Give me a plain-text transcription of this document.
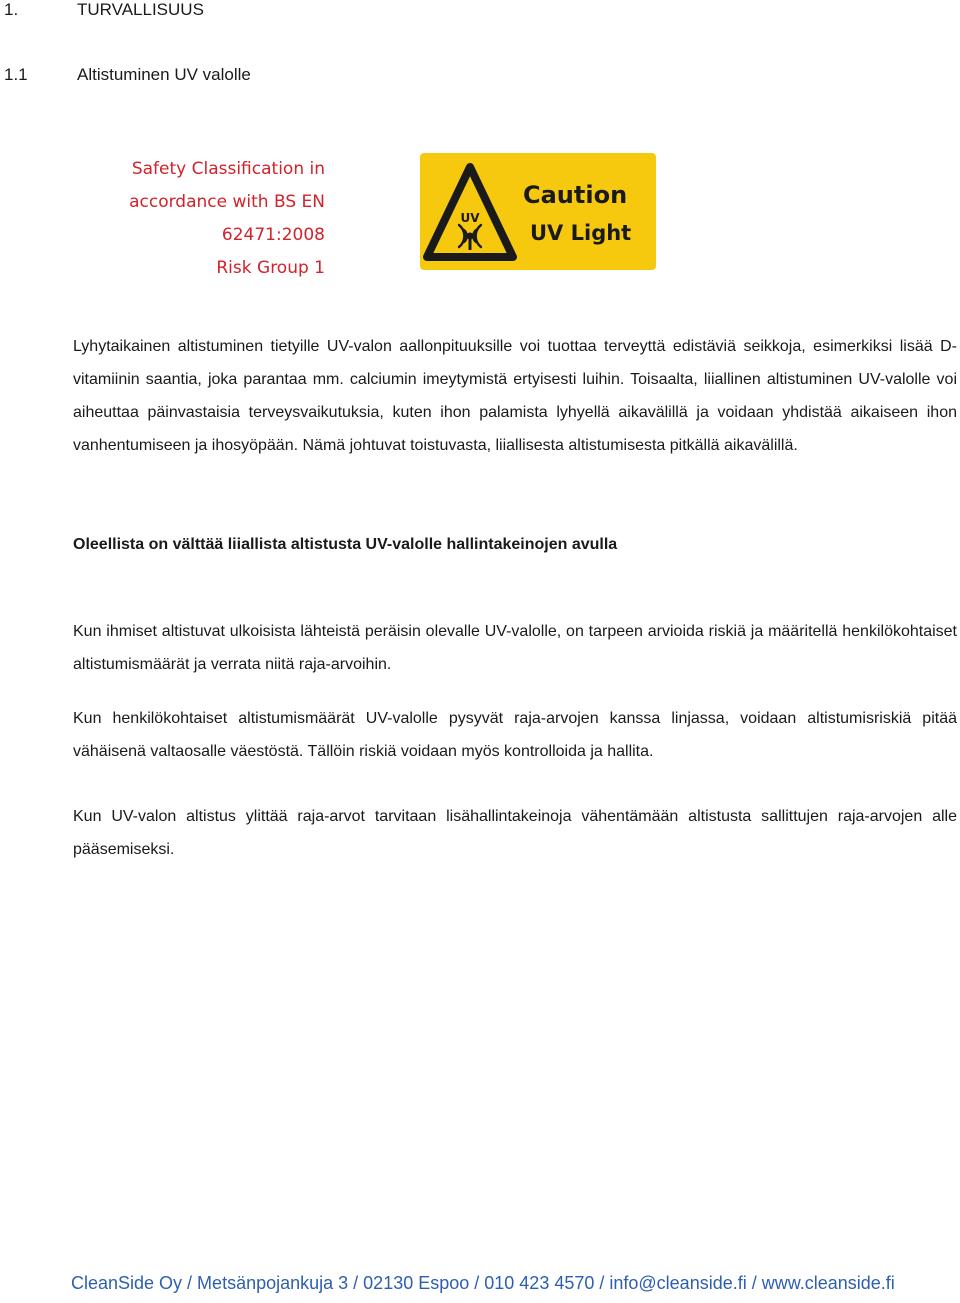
1.	TURVALLISUUS
1.1	Altistuminen UV valolle
Safety Classification in
accordance with BS EN
62471:2008
Risk Group 1
UV
Caution
UV Light

Lyhytaikainen altistuminen tietyille UV-valon aallonpituuksille voi tuottaa terveyttä edistäviä seikkoja, esimerkiksi lisää D-vitamiinin saantia, joka parantaa mm. calciumin imeytymistä ertyisesti luihin. Toisaalta, liiallinen altistuminen UV-valolle voi aiheuttaa päinvastaisia terveysvaikutuksia, kuten ihon palamista lyhyellä aikavälillä ja voidaan yhdistää aikaiseen ihon vanhentumiseen ja ihosyöpään. Nämä johtuvat toistuvasta, liiallisesta altistumisesta pitkällä aikavälillä.

Oleellista on välttää liiallista altistusta UV-valolle hallintakeinojen avulla

Kun ihmiset altistuvat ulkoisista lähteistä peräisin olevalle UV-valolle, on tarpeen arvioida riskiä ja määritellä henkilökohtaiset altistumismäärät ja verrata niitä raja-arvoihin.

Kun henkilökohtaiset altistumismäärät UV-valolle pysyvät raja-arvojen kanssa linjassa, voidaan altistumisriskiä pitää vähäisenä valtaosalle väestöstä. Tällöin riskiä voidaan myös kontrolloida ja hallita.

Kun UV-valon altistus ylittää raja-arvot tarvitaan lisähallintakeinoja vähentämään altistusta sallittujen raja-arvojen alle pääsemiseksi.

CleanSide Oy / Metsänpojankuja 3 / 02130 Espoo / 010 423 4570 / info@cleanside.fi / www.cleanside.fi
